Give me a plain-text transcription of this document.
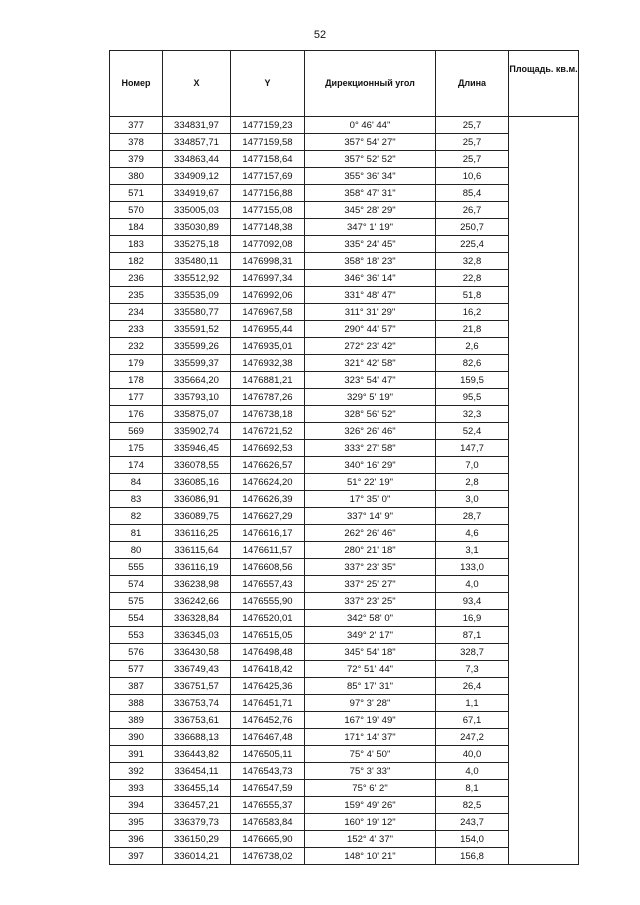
52
Номер	X	Y	Дирекционный угол	Длина	Площадь. кв.м.
377	334831,97	1477159,23	0° 46' 44"	25,7	
378	334857,71	1477159,58	357° 54' 27"	25,7	
379	334863,44	1477158,64	357° 52' 52"	25,7	
380	334909,12	1477157,69	355° 36' 34"	10,6	
571	334919,67	1477156,88	358° 47' 31"	85,4	
570	335005,03	1477155,08	345° 28' 29"	26,7	
184	335030,89	1477148,38	347° 1' 19"	250,7	
183	335275,18	1477092,08	335° 24' 45"	225,4	
182	335480,11	1476998,31	358° 18' 23"	32,8	
236	335512,92	1476997,34	346° 36' 14"	22,8	
235	335535,09	1476992,06	331° 48' 47"	51,8	
234	335580,77	1476967,58	311° 31' 29"	16,2	
233	335591,52	1476955,44	290° 44' 57"	21,8	
232	335599,26	1476935,01	272° 23' 42"	2,6	
179	335599,37	1476932,38	321° 42' 58"	82,6	
178	335664,20	1476881,21	323° 54' 47"	159,5	
177	335793,10	1476787,26	329° 5' 19"	95,5	
176	335875,07	1476738,18	328° 56' 52"	32,3	
569	335902,74	1476721,52	326° 26' 46"	52,4	
175	335946,45	1476692,53	333° 27' 58"	147,7	
174	336078,55	1476626,57	340° 16' 29"	7,0	
84	336085,16	1476624,20	51° 22' 19"	2,8	
83	336086,91	1476626,39	17° 35' 0"	3,0	
82	336089,75	1476627,29	337° 14' 9"	28,7	
81	336116,25	1476616,17	262° 26' 46"	4,6	
80	336115,64	1476611,57	280° 21' 18"	3,1	
555	336116,19	1476608,56	337° 23' 35"	133,0	
574	336238,98	1476557,43	337° 25' 27"	4,0	
575	336242,66	1476555,90	337° 23' 25"	93,4	
554	336328,84	1476520,01	342° 58' 0"	16,9	
553	336345,03	1476515,05	349° 2' 17"	87,1	
576	336430,58	1476498,48	345° 54' 18"	328,7	
577	336749,43	1476418,42	72° 51' 44"	7,3	
387	336751,57	1476425,36	85° 17' 31"	26,4	
388	336753,74	1476451,71	97° 3' 28"	1,1	
389	336753,61	1476452,76	167° 19' 49"	67,1	
390	336688,13	1476467,48	171° 14' 37"	247,2	
391	336443,82	1476505,11	75° 4' 50"	40,0	
392	336454,11	1476543,73	75° 3' 33"	4,0	
393	336455,14	1476547,59	75° 6' 2"	8,1	
394	336457,21	1476555,37	159° 49' 26"	82,5	
395	336379,73	1476583,84	160° 19' 12"	243,7	
396	336150,29	1476665,90	152° 4' 37"	154,0	
397	336014,21	1476738,02	148° 10' 21"	156,8	
